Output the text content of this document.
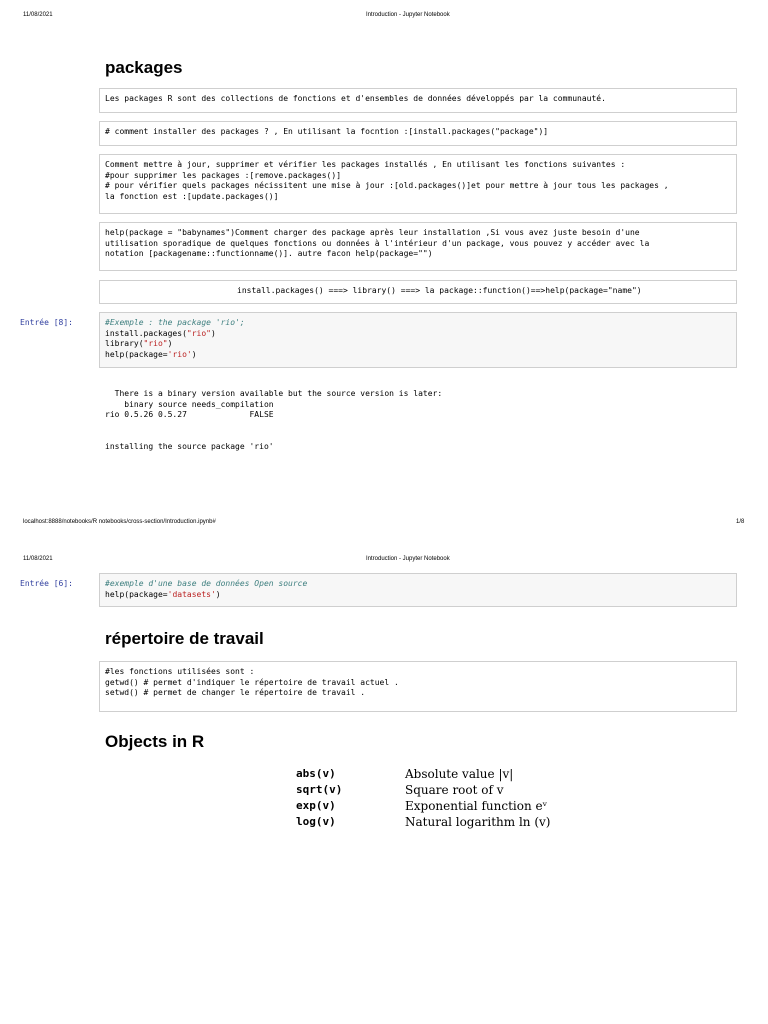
11/08/2021	Introduction - Jupyter Notebook
packages
Les packages R sont des collections de fonctions et d'ensembles de données développés par la communauté.
# comment installer des packages ? , En utilisant la focntion :[install.packages("package")]
Comment mettre à jour, supprimer et vérifier les packages installés , En utilisant les fonctions suivantes :
#pour supprimer les packages :[remove.packages()]
# pour vérifier quels packages nécissitent une mise à jour :[old.packages()]et pour mettre à jour tous les packages ,
la fonction est :[update.packages()]
help(package = "babynames")Comment charger des package après leur installation ,Si vous avez juste besoin d'une
utilisation sporadique de quelques fonctions ou données à l'intérieur d'un package, vous pouvez y accéder avec la
notation [packagename::functionname()]. autre facon help(package="")
install.packages() ===> library() ===> la package::function()==>help(package="name")
Entrée [8]:	#Exemple : the package 'rio';
install.packages("rio")
library("rio")
help(package='rio')
There is a binary version available but the source version is later:
binary source needs_compilation
rio 0.5.26 0.5.27             FALSE

installing the source package 'rio'
localhost:8888/notebooks/R notebooks/cross-section/Introduction.ipynb#	1/8
11/08/2021	Introduction - Jupyter Notebook
Entrée [6]:	#exemple d'une base de données Open source
help(package='datasets')
répertoire de travail
#les fonctions utilisées sont :
getwd() # permet d'indiquer le répertoire de travail actuel .
setwd() # permet de changer le répertoire de travail .
Objects in R
abs(v)	Absolute value |v|
sqrt(v)	Square root of v
exp(v)	Exponential function eᵛ
log(v)	Natural logarithm ln (v)
